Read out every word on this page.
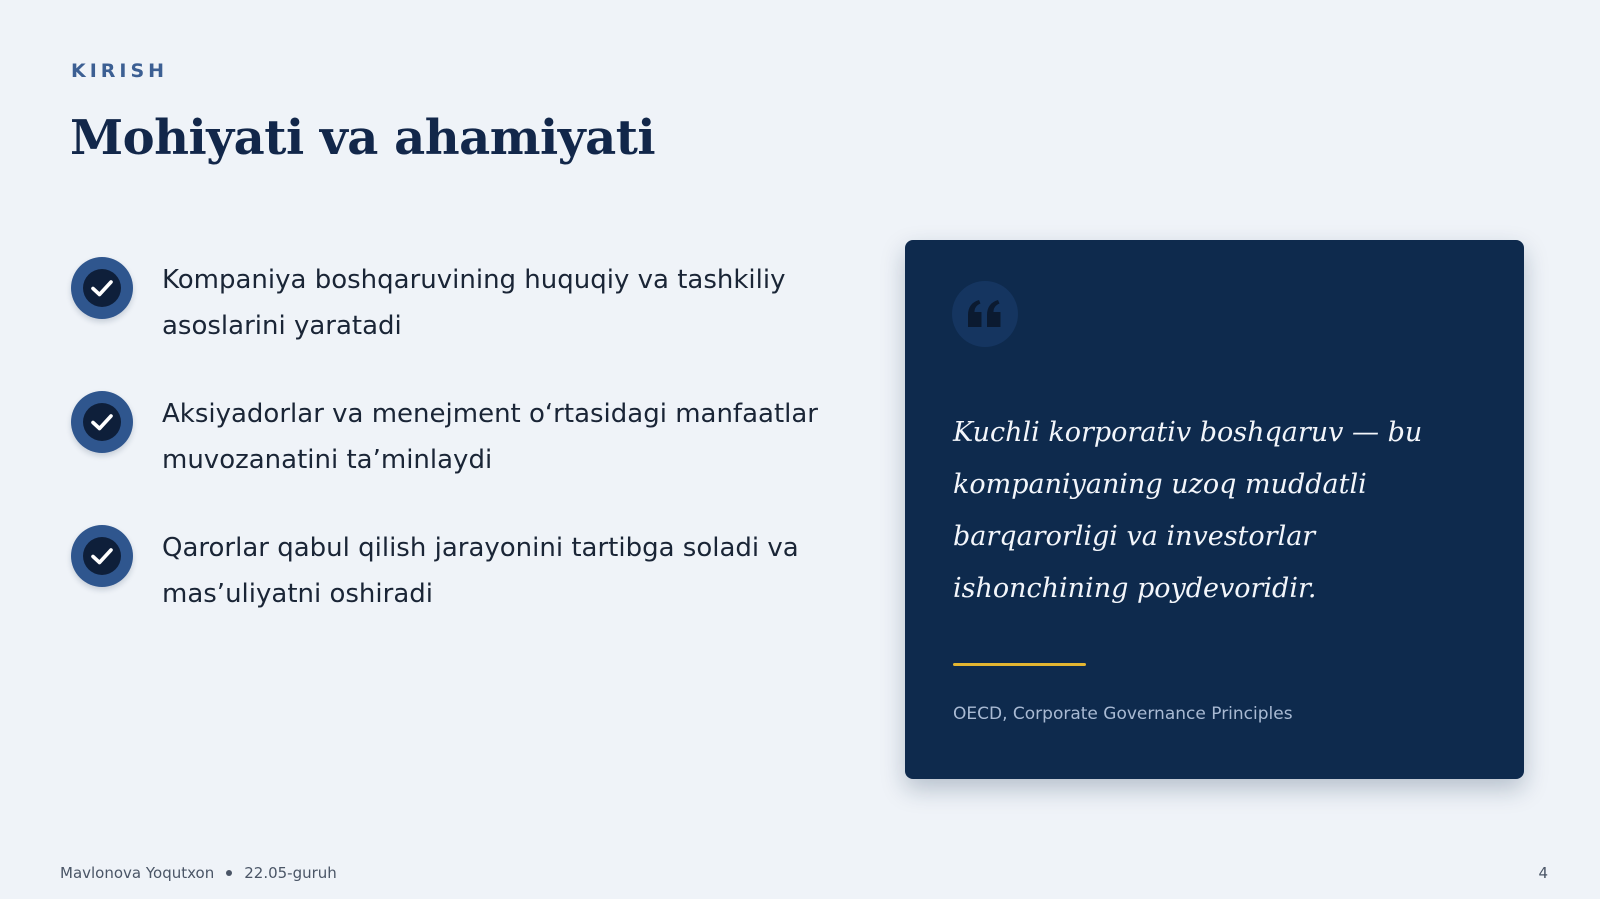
KIRISH
Mohiyati va ahamiyati
Kompaniya boshqaruvining huquqiy va tashkiliy asoslarini yaratadi
Aksiyadorlar va menejment o‘rtasidagi manfaatlar muvozanatini ta’minlaydi
Qarorlar qabul qilish jarayonini tartibga soladi va mas’uliyatni oshiradi

Kuchli korporativ boshqaruv — bu kompaniyaning uzoq muddatli barqarorligi va investorlar ishonchining poydevoridir.

OECD, Corporate Governance Principles
Mavlonova Yoqutxon 22.05-guruh	4
